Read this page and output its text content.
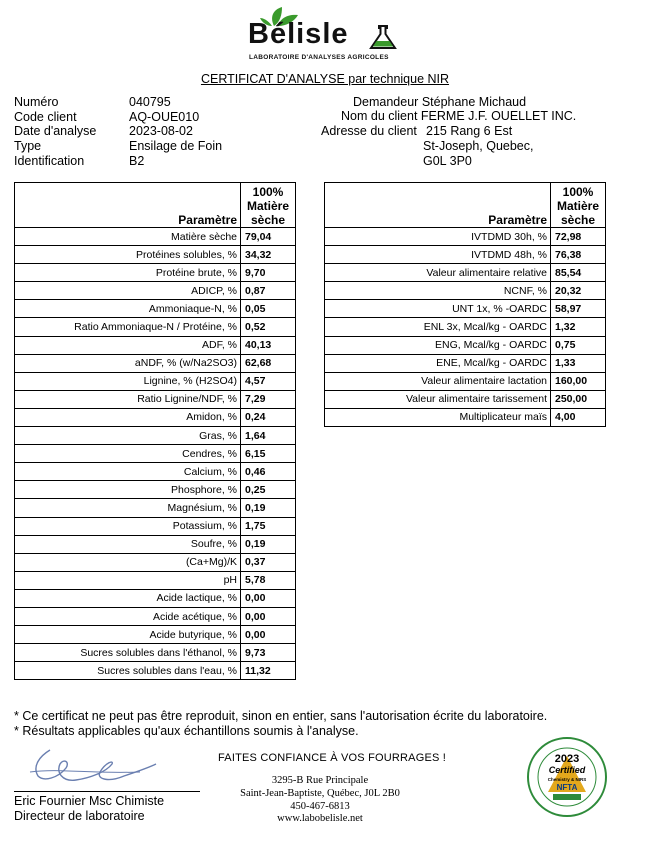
Bélisle
LABORATOIRE D'ANALYSES AGRICOLES
CERTIFICAT D'ANALYSE par technique NIR
Numéro	040795
Code client	AQ-OUE010
Date d'analyse	2023-08-02
Type	Ensilage de Foin
Identification	B2
Demandeur Stéphane Michaud
Nom du client FERME J.F. OUELLET INC.
Adresse du client 215 Rang 6 Est
St-Joseph, Quebec,
G0L 3P0
Paramètre	100%
Matière
sèche

Matière sèche	79,04
Protéines solubles, %	34,32
Protéine brute, %	9,70
ADICP, %	0,87
Ammoniaque-N, %	0,05
Ratio Ammoniaque-N / Protéine, %	0,52
ADF, %	40,13
aNDF, % (w/Na2SO3)	62,68
Lignine, % (H2SO4)	4,57
Ratio Lignine/NDF, %	7,29
Amidon, %	0,24
Gras, %	1,64
Cendres, %	6,15
Calcium, %	0,46
Phosphore, %	0,25
Magnésium, %	0,19
Potassium, %	1,75
Soufre, %	0,19
(Ca+Mg)/K	0,37
pH	5,78
Acide lactique, %	0,00
Acide acétique, %	0,00
Acide butyrique, %	0,00
Sucres solubles dans l'éthanol, %	9,73
Sucres solubles dans l'eau, %	11,32
Paramètre	100%
Matière
sèche

IVTDMD 30h, %	72,98
IVTDMD 48h, %	76,38
Valeur alimentaire relative	85,54
NCNF, %	20,32
UNT 1x, % -OARDC	58,97
ENL 3x, Mcal/kg - OARDC	1,32
ENG, Mcal/kg - OARDC	0,75
ENE, Mcal/kg - OARDC	1,33
Valeur alimentaire lactation	160,00
Valeur alimentaire tarissement	250,00
Multiplicateur maïs	4,00
* Ce certificat ne peut pas être reproduit, sinon en entier, sans l'autorisation écrite du laboratoire.
* Résultats applicables qu'aux échantillons soumis à l'analyse.
FAITES CONFIANCE À VOS FOURRAGES !
3295-B Rue Principale
Saint-Jean-Baptiste, Québec, J0L 2B0
450-467-6813
www.labobelisle.net
Eric Fournier Msc Chimiste
Directeur de laboratoire
2023
Certified
Chemistry & NIRS
NFTA
